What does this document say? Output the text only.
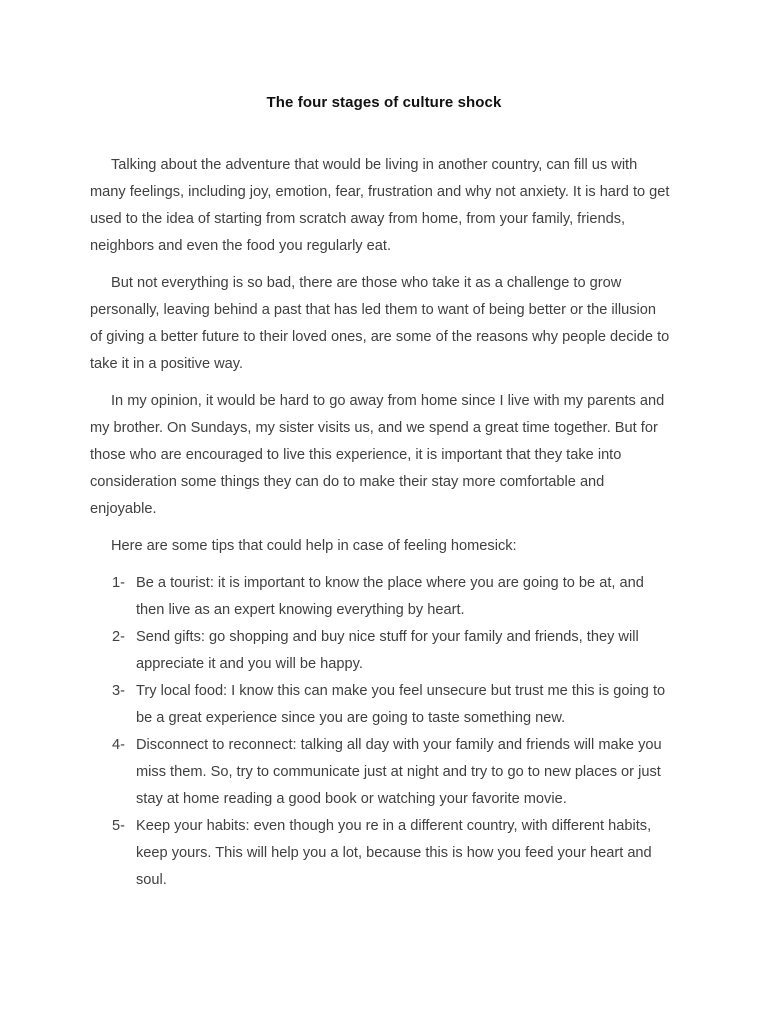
The four stages of culture shock

Talking about the adventure that would be living in another country, can fill us with many feelings, including joy, emotion, fear, frustration and why not anxiety. It is hard to get used to the idea of starting from scratch away from home, from your family, friends, neighbors and even the food you regularly eat.

But not everything is so bad, there are those who take it as a challenge to grow personally, leaving behind a past that has led them to want of being better or the illusion of giving a better future to their loved ones, are some of the reasons why people decide to take it in a positive way.

In my opinion, it would be hard to go away from home since I live with my parents and my brother. On Sundays, my sister visits us, and we spend a great time together. But for those who are encouraged to live this experience, it is important that they take into consideration some things they can do to make their stay more comfortable and enjoyable.

Here are some tips that could help in case of feeling homesick:

1- Be a tourist: it is important to know the place where you are going to be at, and then live as an expert knowing everything by heart.
2- Send gifts: go shopping and buy nice stuff for your family and friends, they will appreciate it and you will be happy.
3- Try local food: I know this can make you feel unsecure but trust me this is going to be a great experience since you are going to taste something new.
4- Disconnect to reconnect: talking all day with your family and friends will make you miss them. So, try to communicate just at night and try to go to new places or just stay at home reading a good book or watching your favorite movie.
5- Keep your habits: even though you re in a different country, with different habits, keep yours. This will help you a lot, because this is how you feed your heart and soul.
